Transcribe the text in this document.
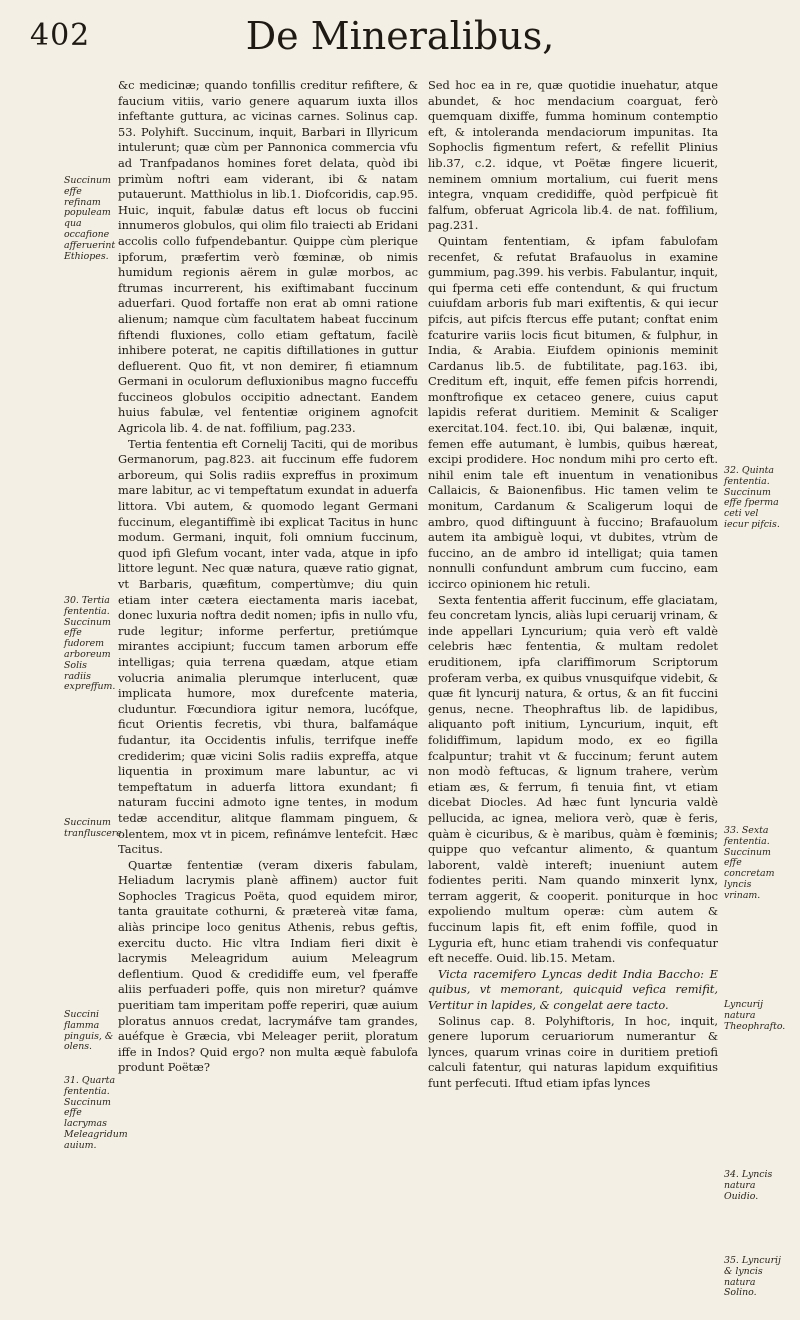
402	De Mineralibus,

&c medicinæ; quando tonfillis creditur refiftere, & faucium vitiis, vario genere aquarum iuxta illos infeftante guttura, ac vicinas carnes. Solinus cap. 53. Polyhift. Succinum, inquit, Barbari in Illyricum intulerunt; quæ cùm per Pannonica commercia vfu ad Tranfpadanos homines foret delata, quòd ibi primùm noftri eam viderant, ibi & natam putauerunt. Matthiolus in lib.1. Diofcoridis, cap.95. Huic, inquit, fabulæ datus eft locus ob fuccini innumeros globulos, qui olim filo traiecti ab Eridani accolis collo fufpendebantur. Quippe cùm plerique ipforum, præfertim verò fœminæ, ob nimis humidum regionis aërem in gulæ morbos, ac ftrumas incurrerent, his exiftimabant fuccinum aduerfari. Quod fortaffe non erat ab omni ratione alienum; namque cùm facultatem habeat fuccinum fiftendi fluxiones, collo etiam geftatum, facilè inhibere poterat, ne capitis diftillationes in guttur defluerent. Quo fit, vt non demirer, fi etiamnum Germani in oculorum defluxionibus magno fucceffu fuccineos globulos occipitio adnectant. Eandem huius fabulæ, vel fententiæ originem agnofcit Agricola lib. 4. de nat. foffilium, pag.233.

Tertia fententia eft Cornelij Taciti, qui de moribus Germanorum, pag.823. ait fuccinum effe fudorem arboreum, qui Solis radiis expreffus in proximum mare labitur, ac vi tempeftatum exundat in aduerfa littora. Vbi autem, & quomodo legant Germani fuccinum, elegantiffimè ibi explicat Tacitus in hunc modum. Germani, inquit, foli omnium fuccinum, quod ipfi Glefum vocant, inter vada, atque in ipfo littore legunt. Nec quæ natura, quæve ratio gignat, vt Barbaris, quæfitum, compertùmve; diu quin etiam inter cætera eiectamenta maris iacebat, donec luxuria noftra dedit nomen; ipfis in nullo vfu, rude legitur; informe perfertur, pretiúmque mirantes accipiunt; fuccum tamen arborum effe intelligas; quia terrena quædam, atque etiam volucria animalia plerumque interlucent, quæ implicata humore, mox durefcente materia, cluduntur. Fœcundiora igitur nemora, lucófque, ficut Orientis fecretis, vbi thura, balfamáque fudantur, ita Occidentis infulis, terrifque ineffe crediderim; quæ vicini Solis radiis expreffa, atque liquentia in proximum mare labuntur, ac vi tempeftatum in aduerfa littora exundant; fi naturam fuccini admoto igne tentes, in modum tedæ accenditur, alitque flammam pinguem, & olentem, mox vt in picem, refinámve lentefcit. Hæc Tacitus.

Quartæ fententiæ (veram dixeris fabulam, Heliadum lacrymis planè affinem) auctor fuit Sophocles Tragicus Poëta, quod equidem miror, tanta grauitate cothurni, & prætereà vitæ fama, aliàs principe loco genitus Athenis, rebus geftis, exercitu ducto. Hic vltra Indiam fieri dixit è lacrymis Meleagridum auium Meleagrum deflentium. Quod & credidiffe eum, vel fperaffe aliis perfuaderi poffe, quis non miretur? quámve pueritiam tam imperitam poffe reperiri, quæ auium ploratus annuos credat, lacrymáfve tam grandes, auéfque è Græcia, vbi Meleager periit, ploratum iffe in Indos? Quid ergo? non multa æquè fabulofa produnt Poëtæ?

Sed hoc ea in re, quæ quotidie inuehatur, atque abundet, & hoc mendacium coarguat, ferò quemquam dixiffe, fumma hominum contemptio eft, & intoleranda mendaciorum impunitas. Ita Sophoclis figmentum refert, & refellit Plinius lib.37, c.2. idque, vt Poëtæ fingere licuerit, neminem omnium mortalium, cui fuerit mens integra, vnquam credidiffe, quòd perfpicuè fit falfum, obferuat Agricola lib.4. de nat. foffilium, pag.231.

Quintam fententiam, & ipfam fabulofam recenfet, & refutat Brafauolus in examine gummium, pag.399. his verbis. Fabulantur, inquit, qui fperma ceti effe contendunt, & qui fructum cuiufdam arboris fub mari exiftentis, & qui iecur pifcis, aut pifcis ftercus effe putant; conftat enim fcaturire variis locis ficut bitumen, & fulphur, in India, & Arabia. Eiufdem opinionis meminit Cardanus lib.5. de fubtilitate, pag.163. ibi, Creditum eft, inquit, effe femen pifcis horrendi, monftrofique ex cetaceo genere, cuius caput lapidis referat duritiem. Meminit & Scaliger exercitat.104. fect.10. ibi, Qui balænæ, inquit, femen effe autumant, è lumbis, quibus hæreat, excipi prodidere. Hoc nondum mihi pro certo eft. nihil enim tale eft inuentum in venationibus Callaicis, & Baionenfibus. Hic tamen velim te monitum, Cardanum & Scaligerum loqui de ambro, quod diftinguunt à fuccino; Brafauolum autem ita ambiguè loqui, vt dubites, vtrùm de fuccino, an de ambro id intelligat; quia tamen nonnulli confundunt ambrum cum fuccino, eam iccirco opinionem hic retuli.

Sexta fententia afferit fuccinum, effe glaciatam, feu concretam lyncis, aliàs lupi ceruarij vrinam, & inde appellari Lyncurium; quia verò eft valdè celebris hæc fententia, & multam redolet eruditionem, ipfa clariffimorum Scriptorum proferam verba, ex quibus vnusquifque videbit, & quæ fit lyncurij natura, & ortus, & an fit fuccini genus, necne. Theophraftus lib. de lapidibus, aliquanto poft initium, Lyncurium, inquit, eft folidiffimum, lapidum modo, ex eo figilla fcalpuntur; trahit vt & fuccinum; ferunt autem non modò feftucas, & lignum trahere, verùm etiam æs, & ferrum, fi tenuia fint, vt etiam dicebat Diocles. Ad hæc funt lyncuria valdè pellucida, ac ignea, meliora verò, quæ è feris, quàm è cicuribus, & è maribus, quàm è fœminis; quippe quo vefcantur alimento, & quantum laborent, valdè intereft; inueniunt autem fodientes periti. Nam quando minxerit lynx, terram aggerit, & cooperit. poniturque in hoc expoliendo multum operæ: cùm autem & fuccinum lapis fit, eft enim foffile, quod in Lyguria eft, hunc etiam trahendi vis confequatur eft neceffe. Ouid. lib.15. Metam.

Victa racemifero Lyncas dedit India Baccho: E quibus, vt memorant, quicquid vefica remifit, Vertitur in lapides, & congelat aere tacto.

Solinus cap. 8. Polyhiftoris, In hoc, inquit, genere luporum ceruariorum numerantur & lynces, quarum vrinas coire in duritiem pretiofi calculi fatentur, qui naturas lapidum exquifitius funt perfecuti. Iftud etiam ipfas lynces

Succinum effe refinam populeam qua occafione afferuerint Ethiopes.
30. Tertia fententia. Succinum effe fudorem arboreum Solis radiis expreffum.
Succinum tranfluscere.
Succini flamma pinguis, & olens.
31. Quarta fententia. Succinum effe lacrymas Meleagridum auium.
32. Quinta fententia. Succinum effe fperma ceti vel iecur pifcis.
33. Sexta fententia. Succinum effe concretam lyncis vrinam.
Lyncurij natura Theophrafto.
34. Lyncis natura Ouidio.
35. Lyncurij & lyncis natura Solino.
